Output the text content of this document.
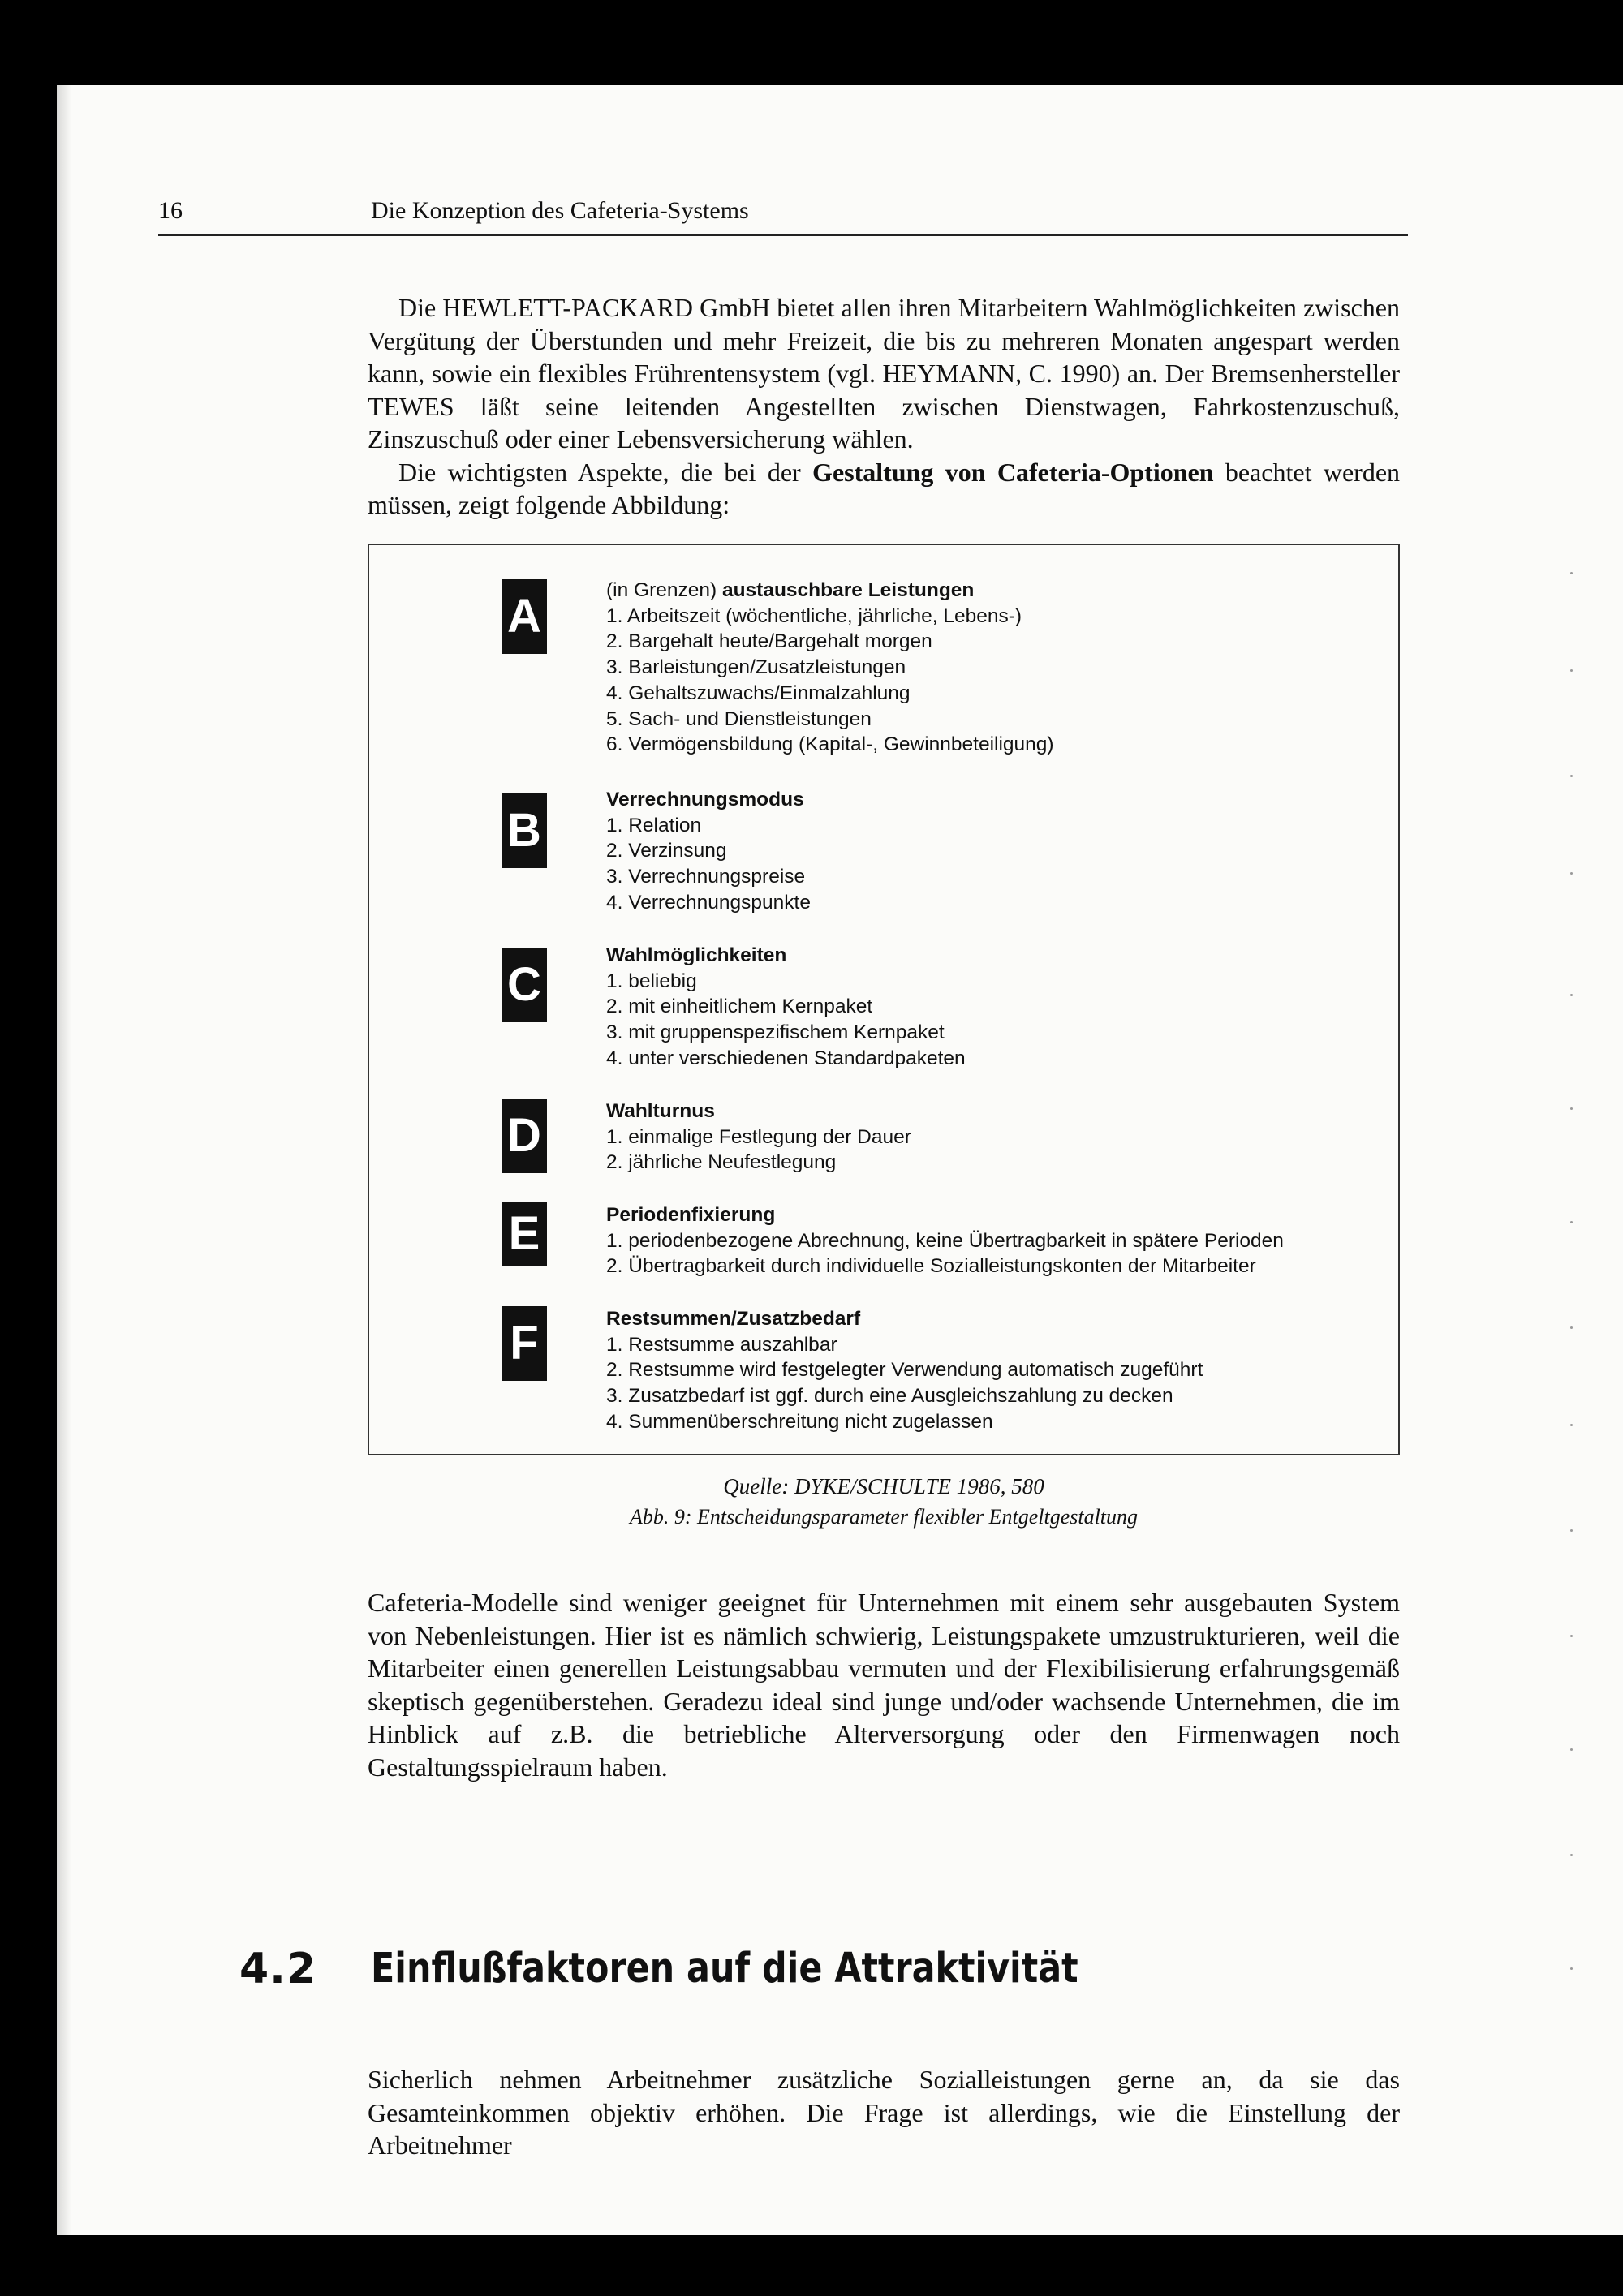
16	Die Konzeption des Cafeteria-Systems

Die HEWLETT-PACKARD GmbH bietet allen ihren Mitarbeitern Wahlmöglichkeiten zwischen Vergütung der Überstunden und mehr Freizeit, die bis zu mehreren Monaten angespart werden kann, sowie ein flexibles Frührentensystem (vgl. HEYMANN, C. 1990) an. Der Bremsenhersteller TEWES läßt seine leitenden Angestellten zwischen Dienstwagen, Fahrkostenzuschuß, Zinszuschuß oder einer Lebensversicherung wählen.

Die wichtigsten Aspekte, die bei der Gestaltung von Cafeteria-Optionen beachtet werden müssen, zeigt folgende Abbildung:

A	(in Grenzen) austauschbare Leistungen
1. Arbeitszeit (wöchentliche, jährliche, Lebens-)
2. Bargehalt heute/Bargehalt morgen
3. Barleistungen/Zusatzleistungen
4. Gehaltszuwachs/Einmalzahlung
5. Sach- und Dienstleistungen
6. Vermögensbildung (Kapital-, Gewinnbeteiligung)
B
Verrechnungsmodus
1. Relation
2. Verzinsung
3. Verrechnungspreise
4. Verrechnungspunkte
C
Wahlmöglichkeiten
1. beliebig
2. mit einheitlichem Kernpaket
3. mit gruppenspezifischem Kernpaket
4. unter verschiedenen Standardpaketen
D	Wahlturnus
1. einmalige Festlegung der Dauer
2. jährliche Neufestlegung
E	Periodenfixierung
1. periodenbezogene Abrechnung, keine Übertragbarkeit in spätere Perioden
2. Übertragbarkeit durch individuelle Sozialleistungskonten der Mitarbeiter
F	Restsummen/Zusatzbedarf
1. Restsumme auszahlbar
2. Restsumme wird festgelegter Verwendung automatisch zugeführt
3. Zusatzbedarf ist ggf. durch eine Ausgleichszahlung zu decken
4. Summenüberschreitung nicht zugelassen
Quelle: DYKE/SCHULTE 1986, 580
Abb. 9: Entscheidungsparameter flexibler Entgeltgestaltung

Cafeteria-Modelle sind weniger geeignet für Unternehmen mit einem sehr ausgebauten System von Nebenleistungen. Hier ist es nämlich schwierig, Leistungspakete umzustrukturieren, weil die Mitarbeiter einen generellen Leistungsabbau vermuten und der Flexibilisierung erfahrungsgemäß skeptisch gegenüberstehen. Geradezu ideal sind junge und/oder wachsende Unternehmen, die im Hinblick auf z.B. die betriebliche Alterversorgung oder den Firmenwagen noch Gestaltungsspielraum haben.

4.2 Einflußfaktoren auf die Attraktivität

Sicherlich nehmen Arbeitnehmer zusätzliche Sozialleistungen gerne an, da sie das Gesamteinkommen objektiv erhöhen. Die Frage ist allerdings, wie die Einstellung der Arbeitnehmer
